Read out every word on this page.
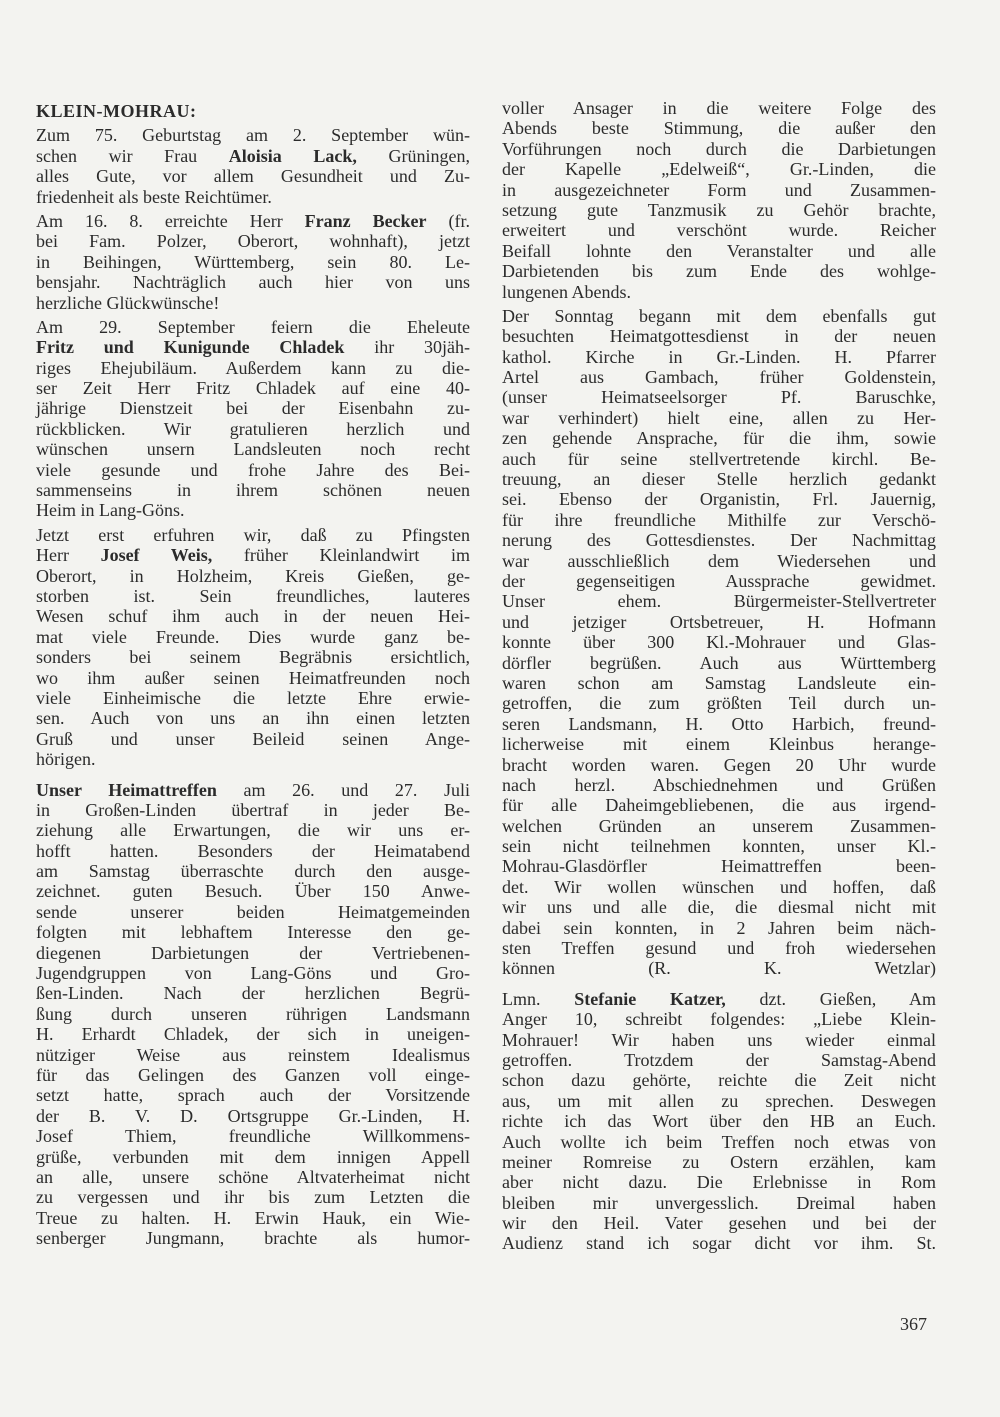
KLEIN-MOHRAU:
Zum 75. Geburtstag am 2. September wün-
schen wir Frau Aloisia Lack, Grüningen,
alles Gute, vor allem Gesundheit und Zu-
friedenheit als beste Reichtümer.
Am 16. 8. erreichte Herr Franz Becker (fr.
bei Fam. Polzer, Oberort, wohnhaft), jetzt
in Beihingen, Württemberg, sein 80. Le-
bensjahr. Nachträglich auch hier von uns
herzliche Glückwünsche!
Am 29. September feiern die Eheleute
Fritz und Kunigunde Chladek ihr 30jäh-
riges Ehejubiläum. Außerdem kann zu die-
ser Zeit Herr Fritz Chladek auf eine 40-
jährige Dienstzeit bei der Eisenbahn zu-
rückblicken. Wir gratulieren herzlich und
wünschen unsern Landsleuten noch recht
viele gesunde und frohe Jahre des Bei-
sammenseins in ihrem schönen neuen
Heim in Lang-Göns.
Jetzt erst erfuhren wir, daß zu Pfingsten
Herr Josef Weis, früher Kleinlandwirt im
Oberort, in Holzheim, Kreis Gießen, ge-
storben ist. Sein freundliches, lauteres
Wesen schuf ihm auch in der neuen Hei-
mat viele Freunde. Dies wurde ganz be-
sonders bei seinem Begräbnis ersichtlich,
wo ihm außer seinen Heimatfreunden noch
viele Einheimische die letzte Ehre erwie-
sen. Auch von uns an ihn einen letzten
Gruß und unser Beileid seinen Ange-
hörigen.
Unser Heimattreffen am 26. und 27. Juli
in Großen-Linden übertraf in jeder Be-
ziehung alle Erwartungen, die wir uns er-
hofft hatten. Besonders der Heimatabend
am Samstag überraschte durch den ausge-
zeichnet. guten Besuch. Über 150 Anwe-
sende unserer beiden Heimatgemeinden
folgten mit lebhaftem Interesse den ge-
diegenen Darbietungen der Vertriebenen-
Jugendgruppen von Lang-Göns und Gro-
ßen-Linden. Nach der herzlichen Begrü-
ßung durch unseren rührigen Landsmann
H. Erhardt Chladek, der sich in uneigen-
nütziger Weise aus reinstem Idealismus
für das Gelingen des Ganzen voll einge-
setzt hatte, sprach auch der Vorsitzende
der B. V. D. Ortsgruppe Gr.-Linden, H.
Josef Thiem, freundliche Willkommens-
grüße, verbunden mit dem innigen Appell
an alle, unsere schöne Altvaterheimat nicht
zu vergessen und ihr bis zum Letzten die
Treue zu halten. H. Erwin Hauk, ein Wie-
senberger Jungmann, brachte als humor-
voller Ansager in die weitere Folge des
Abends beste Stimmung, die außer den
Vorführungen noch durch die Darbietungen
der Kapelle „Edelweiß“, Gr.-Linden, die
in ausgezeichneter Form und Zusammen-
setzung gute Tanzmusik zu Gehör brachte,
erweitert und verschönt wurde. Reicher
Beifall lohnte den Veranstalter und alle
Darbietenden bis zum Ende des wohlge-
lungenen Abends.
Der Sonntag begann mit dem ebenfalls gut
besuchten Heimatgottesdienst in der neuen
kathol. Kirche in Gr.-Linden. H. Pfarrer
Artel aus Gambach, früher Goldenstein,
(unser Heimatseelsorger Pf. Baruschke,
war verhindert) hielt eine, allen zu Her-
zen gehende Ansprache, für die ihm, sowie
auch für seine stellvertretende kirchl. Be-
treuung, an dieser Stelle herzlich gedankt
sei. Ebenso der Organistin, Frl. Jauernig,
für ihre freundliche Mithilfe zur Verschö-
nerung des Gottesdienstes. Der Nachmittag
war ausschließlich dem Wiedersehen und
der gegenseitigen Aussprache gewidmet.
Unser ehem. Bürgermeister-Stellvertreter
und jetziger Ortsbetreuer, H. Hofmann
konnte über 300 Kl.-Mohrauer und Glas-
dörfler begrüßen. Auch aus Württemberg
waren schon am Samstag Landsleute ein-
getroffen, die zum größten Teil durch un-
seren Landsmann, H. Otto Harbich, freund-
licherweise mit einem Kleinbus herange-
bracht worden waren. Gegen 20 Uhr wurde
nach herzl. Abschiednehmen und Grüßen
für alle Daheimgebliebenen, die aus irgend-
welchen Gründen an unserem Zusammen-
sein nicht teilnehmen konnten, unser Kl.-
Mohrau-Glasdörfler Heimattreffen been-
det. Wir wollen wünschen und hoffen, daß
wir uns und alle die, die diesmal nicht mit
dabei sein konnten, in 2 Jahren beim näch-
sten Treffen gesund und froh wiedersehen
können (R. K. Wetzlar)
Lmn. Stefanie Katzer, dzt. Gießen, Am
Anger 10, schreibt folgendes: „Liebe Klein-
Mohrauer! Wir haben uns wieder einmal
getroffen. Trotzdem der Samstag-Abend
schon dazu gehörte, reichte die Zeit nicht
aus, um mit allen zu sprechen. Deswegen
richte ich das Wort über den HB an Euch.
Auch wollte ich beim Treffen noch etwas von
meiner Romreise zu Ostern erzählen, kam
aber nicht dazu. Die Erlebnisse in Rom
bleiben mir unvergesslich. Dreimal haben
wir den Heil. Vater gesehen und bei der
Audienz stand ich sogar dicht vor ihm. St.
367
